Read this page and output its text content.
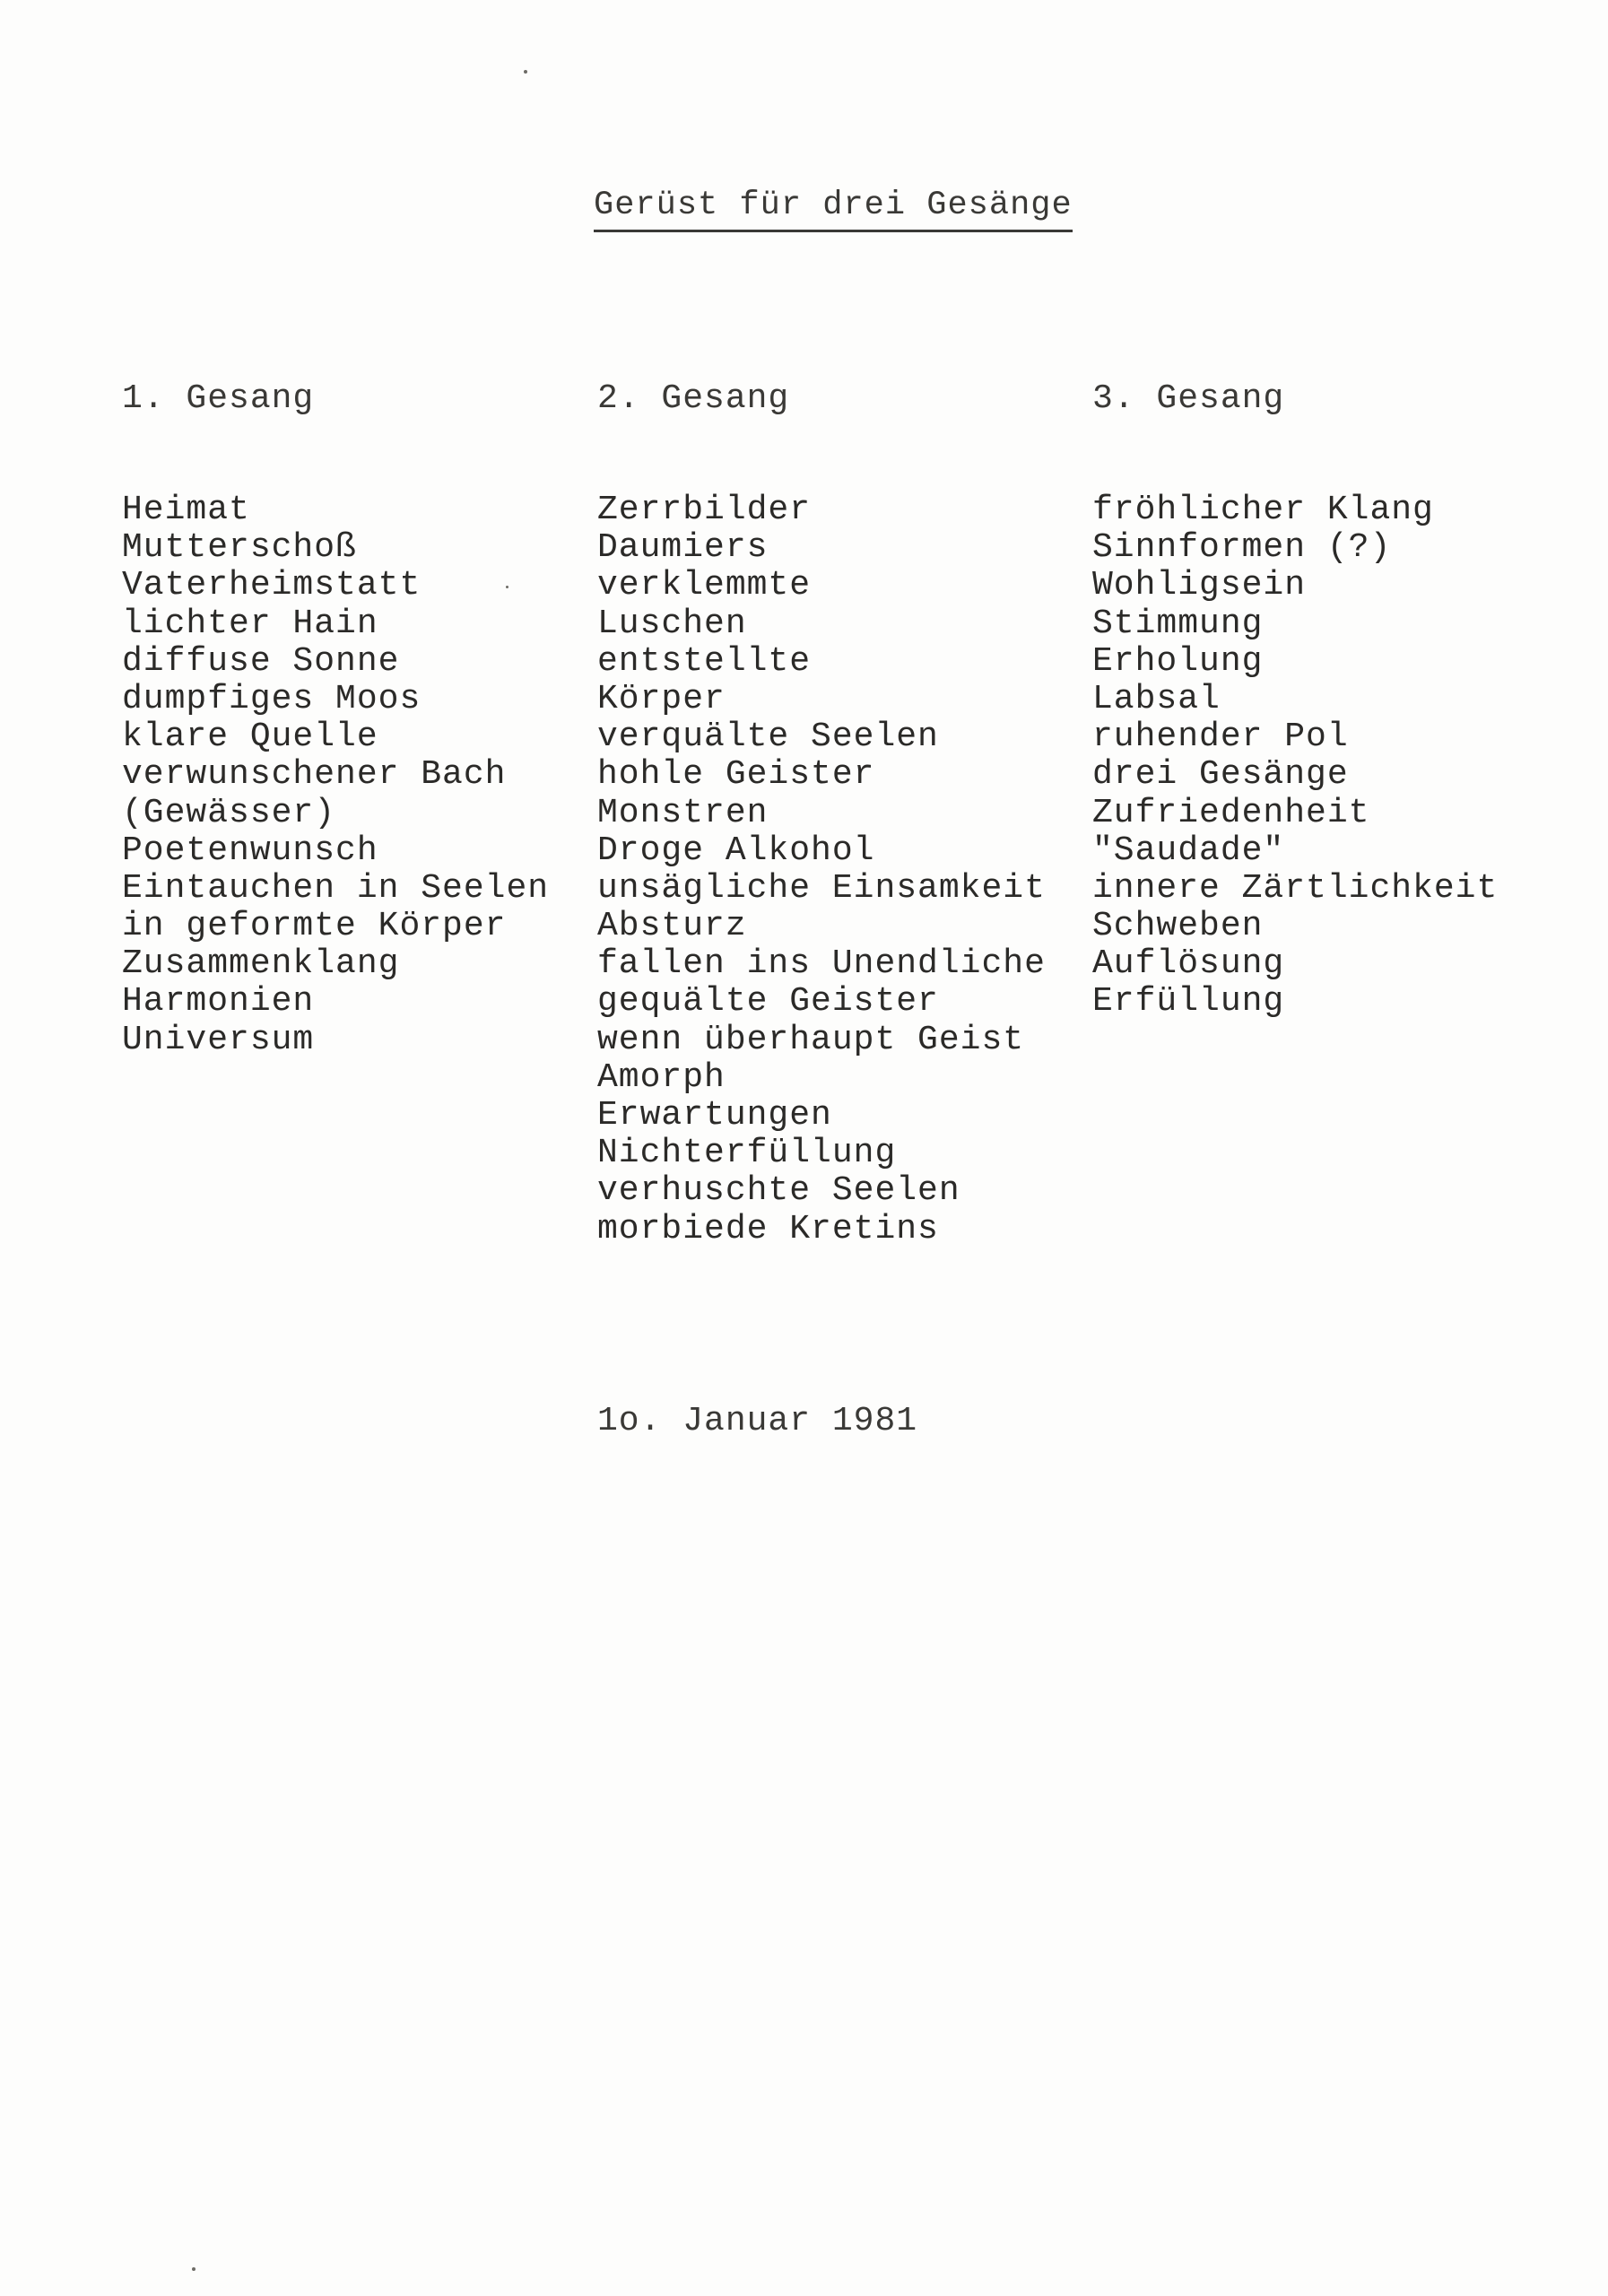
Gerüst für drei Gesänge
1. Gesang
Heimat
Mutterschoß
Vaterheimstatt
lichter Hain
diffuse Sonne
dumpfiges Moos
klare Quelle
verwunschener Bach
(Gewässer)
Poetenwunsch
Eintauchen in Seelen
in geformte Körper
Zusammenklang
Harmonien
Universum
2. Gesang
Zerrbilder
Daumiers
verklemmte
Luschen
entstellte
Körper
verquälte Seelen
hohle Geister
Monstren
Droge Alkohol
unsägliche Einsamkeit
Absturz
fallen ins Unendliche
gequälte Geister
wenn überhaupt Geist
Amorph
Erwartungen
Nichterfüllung
verhuschte Seelen
morbiede Kretins
3. Gesang
fröhlicher Klang
Sinnformen (?)
Wohligsein
Stimmung
Erholung
Labsal
ruhender Pol
drei Gesänge
Zufriedenheit
"Saudade"
innere Zärtlichkeit
Schweben
Auflösung
Erfüllung
1o. Januar 1981
